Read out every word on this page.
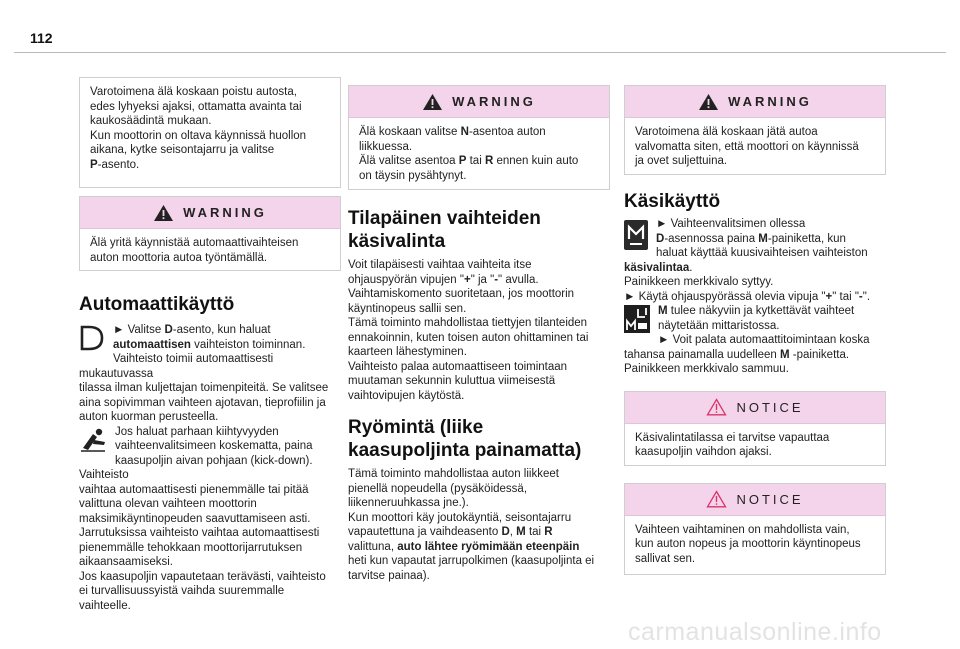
112

Varotoimena älä koskaan poistu autosta,

edes lyhyeksi ajaksi, ottamatta avainta tai

kaukosäädintä mukaan.

Kun moottorin on oltava käynnissä huollon

aikana, kytke seisontajarru ja valitse

P-asento.

WARNING

Älä yritä käynnistää automaattivaihteisen

auton moottoria autoa työntämällä.

Automaattikäyttö

► Valitse D-asento, kun haluat

automaattisen vaihteiston toiminnan.

Vaihteisto toimii automaattisesti mukautuvassa

tilassa ilman kuljettajan toimenpiteitä. Se valitsee

aina sopivimman vaihteen ajotavan, tieprofiilin ja

auton kuorman perusteella.

Jos haluat parhaan kiihtyvyyden

vaihteenvalitsimeen koskematta, paina

kaasupoljin aivan pohjaan (kick-down). Vaihteisto

vaihtaa automaattisesti pienemmälle tai pitää

valittuna olevan vaihteen moottorin

maksimikäyntinopeuden saavuttamiseen asti.

Jarrutuksissa vaihteisto vaihtaa automaattisesti

pienemmälle tehokkaan moottorijarrutuksen

aikaansaamiseksi.

Jos kaasupoljin vapautetaan terävästi, vaihteisto

ei turvallisuussyistä vaihda suuremmalle

vaihteelle.

WARNING

Älä koskaan valitse N-asentoa auton

liikkuessa.

Älä valitse asentoa P tai R ennen kuin auto

on täysin pysähtynyt.

Tilapäinen vaihteiden
käsivalinta

Voit tilapäisesti vaihtaa vaihteita itse

ohjauspyörän vipujen "+" ja "-" avulla.

Vaihtamiskomento suoritetaan, jos moottorin

käyntinopeus sallii sen.

Tämä toiminto mahdollistaa tiettyjen tilanteiden

ennakoinnin, kuten toisen auton ohittaminen tai

kaarteen lähestyminen.

Vaihteisto palaa automaattiseen toimintaan

muutaman sekunnin kuluttua viimeisestä

vaihtovipujen käytöstä.

Ryömintä (liike
kaasupoljinta painamatta)

Tämä toiminto mahdollistaa auton liikkeet

pienellä nopeudella (pysäköidessä,

liikenneruuhkassa jne.).

Kun moottori käy joutokäyntiä, seisontajarru

vapautettuna ja vaihdeasento D, M tai R

valittuna, auto lähtee ryömimään eteenpäin

heti kun vapautat jarrupolkimen (kaasupoljinta ei

tarvitse painaa).

WARNING

Varotoimena älä koskaan jätä autoa

valvomatta siten, että moottori on käynnissä

ja ovet suljettuina.

Käsikäyttö

► Vaihteenvalitsimen ollessa

D-asennossa paina M-painiketta, kun

haluat käyttää kuusivaihteisen vaihteiston

käsivalintaa.

Painikkeen merkkivalo syttyy.

► Käytä ohjauspyörässä olevia vipuja "+" tai "-".

M tulee näkyviin ja kytkettävät vaihteet

näytetään mittaristossa.

► Voit palata automaattitoimintaan koska

tahansa painamalla uudelleen M -painiketta.

Painikkeen merkkivalo sammuu.

NOTICE

Käsivalintatilassa ei tarvitse vapauttaa

kaasupoljin vaihdon ajaksi.

NOTICE

Vaihteen vaihtaminen on mahdollista vain,

kun auton nopeus ja moottorin käyntinopeus

sallivat sen.

carmanualsonline.info
